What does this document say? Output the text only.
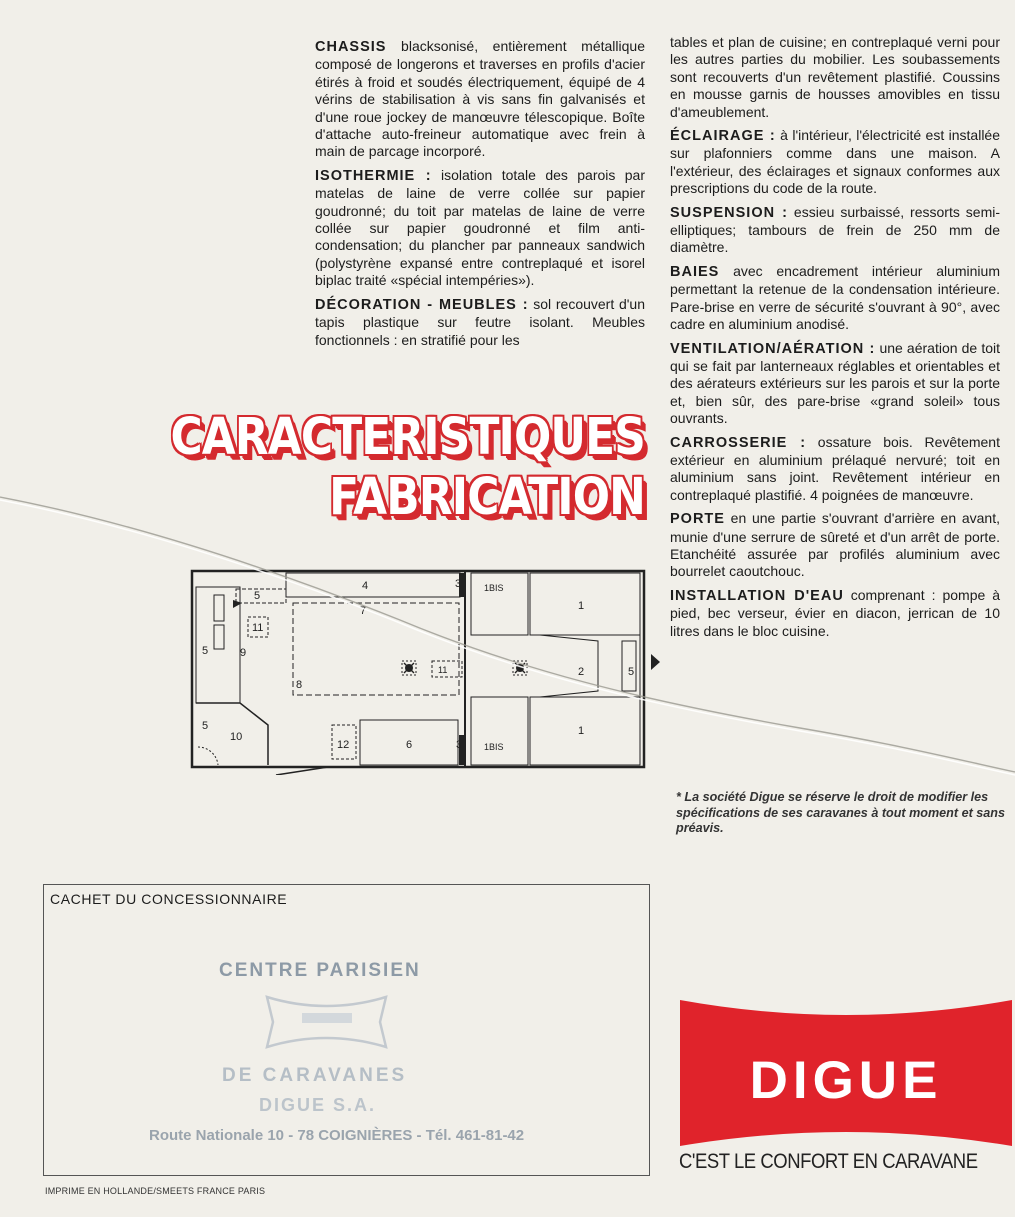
CHASSIS blacksonisé, entièrement métallique composé de longerons et traverses en profils d'acier étirés à froid et soudés électriquement, équipé de 4 vérins de stabilisation à vis sans fin galvanisés et d'une roue jockey de manœuvre télescopique. Boîte d'attache auto-freineur automatique avec frein à main de parcage incorporé.

ISOTHERMIE : isolation totale des parois par matelas de laine de verre collée sur papier goudronné; du toit par matelas de laine de verre collée sur papier goudronné et film anti-condensation; du plancher par panneaux sandwich (polystyrène expansé entre contreplaqué et isorel biplac traité «spécial intempéries»).

DÉCORATION - MEUBLES : sol recouvert d'un tapis plastique sur feutre isolant. Meubles fonctionnels : en stratifié pour les

tables et plan de cuisine; en contreplaqué verni pour les autres parties du mobilier. Les soubassements sont recouverts d'un revêtement plastifié. Coussins en mousse garnis de housses amovibles en tissu d'ameublement.

ÉCLAIRAGE : à l'intérieur, l'électricité est installée sur plafonniers comme dans une maison. A l'extérieur, des éclairages et signaux conformes aux prescriptions du code de la route.

SUSPENSION : essieu surbaissé, ressorts semi-elliptiques; tambours de frein de 250 mm de diamètre.

BAIES avec encadrement intérieur aluminium permettant la retenue de la condensation intérieure. Pare-brise en verre de sécurité s'ouvrant à 90°, avec cadre en aluminium anodisé.

VENTILATION/AÉRATION : une aération de toit qui se fait par lanterneaux réglables et orientables et des aérateurs extérieurs sur les parois et sur la porte et, bien sûr, des pare-brise «grand soleil» tous ouvrants.

CARROSSERIE : ossature bois. Revêtement extérieur en aluminium prélaqué nervuré; toit en aluminium sans joint. Revêtement intérieur en contreplaqué plastifié. 4 poignées de manœuvre.

PORTE en une partie s'ouvrant d'arrière en avant, munie d'une serrure de sûreté et d'un arrêt de porte. Etanchéité assurée par profilés aluminium avec bourrelet caoutchouc.

INSTALLATION D'EAU comprenant : pompe à pied, bec verseur, évier en diacon, jerrican de 10 litres dans le bloc cuisine.

CARACTERISTIQUES
FABRICATION
4	3
3
1BIS
1BIS
1
1
2	5
5
5
5
7
8
9
10
11
11
12	6
* La société Digue se réserve le droit de modifier les spécifications de ses caravanes à tout moment et sans préavis.
CACHET DU CONCESSIONNAIRE
CENTRE PARISIEN
DE CARAVANES
DIGUE S.A.
Route Nationale 10 - 78 COIGNIÈRES - Tél. 461-81-42
IMPRIME EN HOLLANDE/SMEETS FRANCE PARIS
DIGUE
C'EST LE CONFORT EN CARAVANE
